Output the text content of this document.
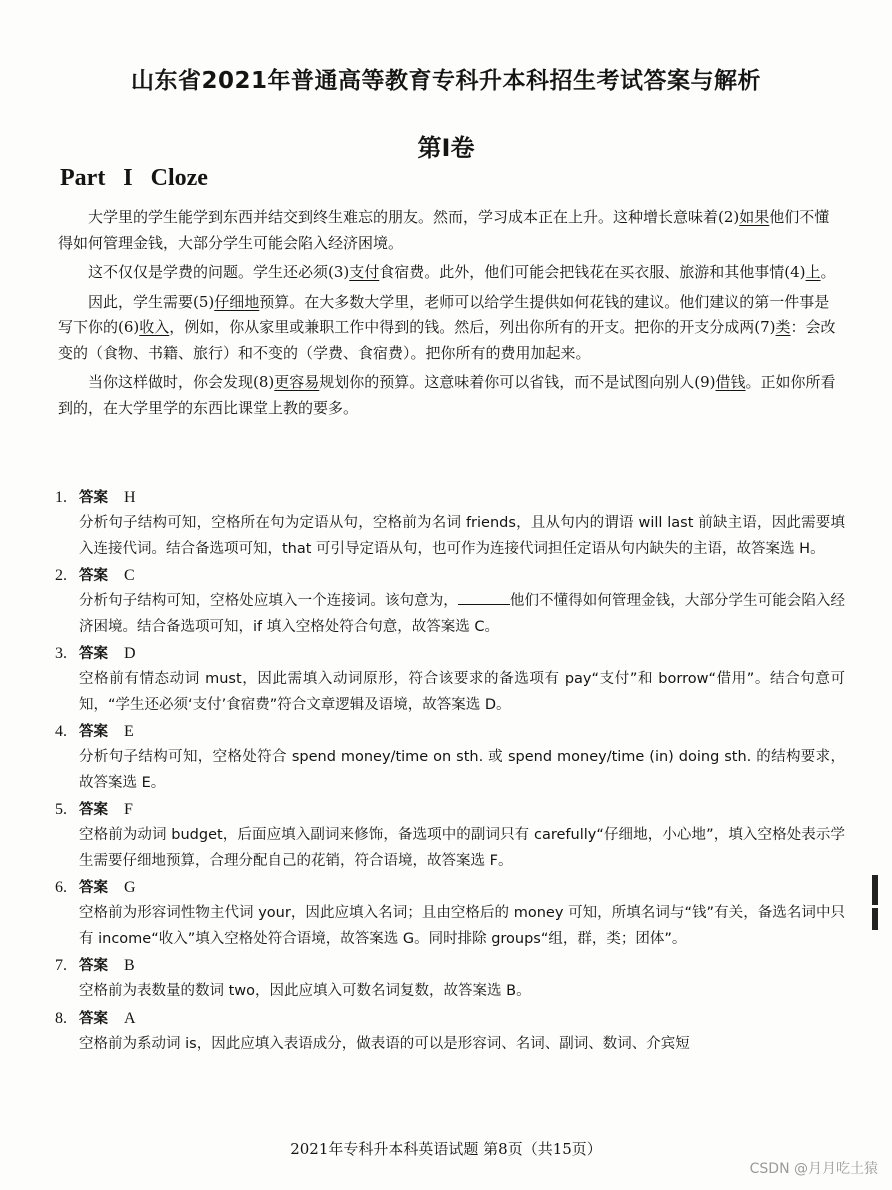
山东省2021年普通高等教育专科升本科招生考试答案与解析
第Ⅰ卷
Part I Cloze

大学里的学生能学到东西并结交到终生难忘的朋友。然而，学习成本正在上升。这种增长意味着(2)如果他们不懂得如何管理金钱，大部分学生可能会陷入经济困境。

这不仅仅是学费的问题。学生还必须(3)支付食宿费。此外，他们可能会把钱花在买衣服、旅游和其他事情(4)上。

因此，学生需要(5)仔细地预算。在大多数大学里，老师可以给学生提供如何花钱的建议。他们建议的第一件事是写下你的(6)收入，例如，你从家里或兼职工作中得到的钱。然后，列出你所有的开支。把你的开支分成两(7)类：会改变的（食物、书籍、旅行）和不变的（学费、食宿费）。把你所有的费用加起来。

当你这样做时，你会发现(8)更容易规划你的预算。这意味着你可以省钱，而不是试图向别人(9)借钱。正如你所看到的，在大学里学的东西比课堂上教的要多。

1. 答案 H
分析句子结构可知，空格所在句为定语从句，空格前为名词 friends，且从句内的谓语 will last 前缺主语，因此需要填入连接代词。结合备选项可知，that 可引导定语从句，也可作为连接代词担任定语从句内缺失的主语，故答案选 H。
2. 答案 C
分析句子结构可知，空格处应填入一个连接词。该句意为，	他们不懂得如何管理金钱，大部分学生可能会陷入经济困境。结合备选项可知，if 填入空格处符合句意，故答案选 C。
3. 答案 D
空格前有情态动词 must，因此需填入动词原形，符合该要求的备选项有 pay“支付”和 borrow“借用”。结合句意可知，“学生还必须‘支付’食宿费”符合文章逻辑及语境，故答案选 D。
4. 答案 E
分析句子结构可知，空格处符合 spend money/time on sth. 或 spend money/time (in) doing sth. 的结构要求，故答案选 E。
5. 答案 F
空格前为动词 budget，后面应填入副词来修饰，备选项中的副词只有 carefully“仔细地，小心地”，填入空格处表示学生需要仔细地预算，合理分配自己的花销，符合语境，故答案选 F。
6. 答案 G
空格前为形容词性物主代词 your，因此应填入名词；且由空格后的 money 可知，所填名词与“钱”有关，备选名词中只有 income“收入”填入空格处符合语境，故答案选 G。同时排除 groups“组，群，类；团体”。
7. 答案 B
空格前为表数量的数词 two，因此应填入可数名词复数，故答案选 B。
8. 答案 A
空格前为系动词 is，因此应填入表语成分，做表语的可以是形容词、名词、副词、数词、介宾短
2021年专科升本科英语试题 第8页（共15页）
CSDN @月月吃土猿
